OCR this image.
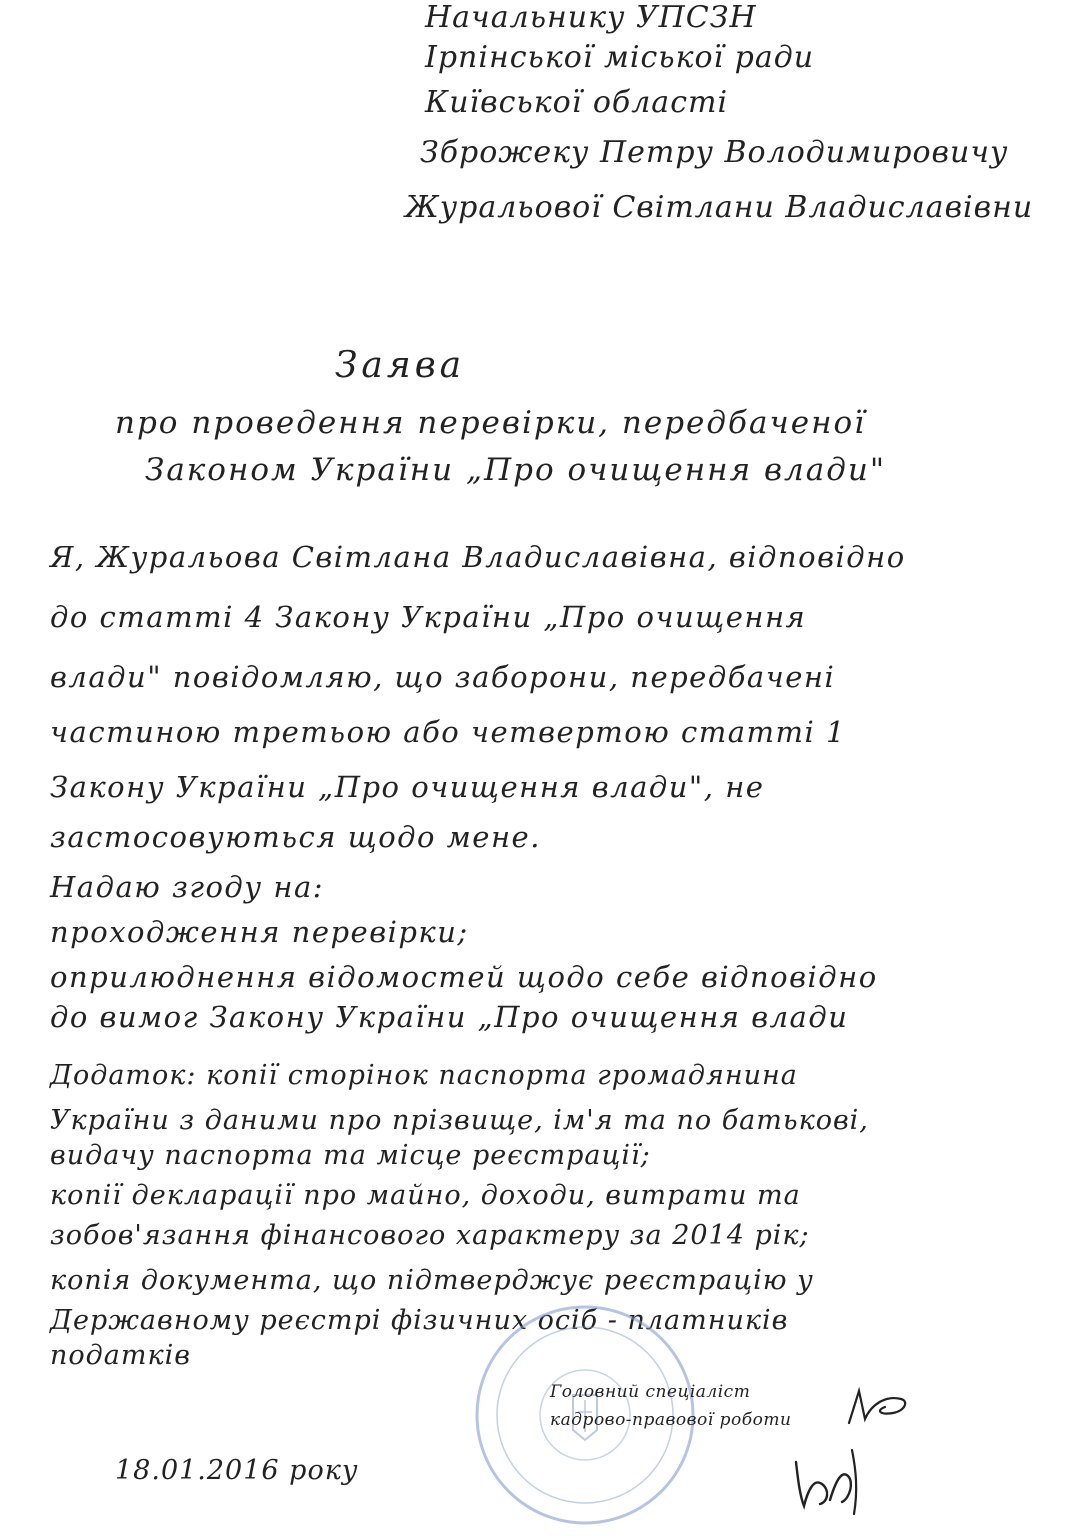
Начальнику УПСЗН
Ірпінської міської ради
Київської області
Зброжеку Петру Володимировичу
Журальової Світлани Владиславівни
Заява
про проведення перевірки, передбаченої
Законом України „Про очищення влади"
Я, Журальова Світлана Владиславівна, відповідно
до статті 4 Закону України „Про очищення
влади" повідомляю, що заборони, передбачені
частиною третьою або четвертою статті 1
Закону України „Про очищення влади", не
застосовуються щодо мене.
Надаю згоду на:
проходження перевірки;
оприлюднення відомостей щодо себе відповідно
до вимог Закону України „Про очищення влади
Додаток: копії сторінок паспорта громадянина
України з даними про прізвище, ім'я та по батькові,
видачу паспорта та місце реєстрації;
копії декларації про майно, доходи, витрати та
зобов'язання фінансового характеру за 2014 рік;
копія документа, що підтверджує реєстрацію у
Державному реєстрі фізичних осіб - платників
податків
Головний спеціаліст
кадрово-правової роботи
18.01.2016 року
